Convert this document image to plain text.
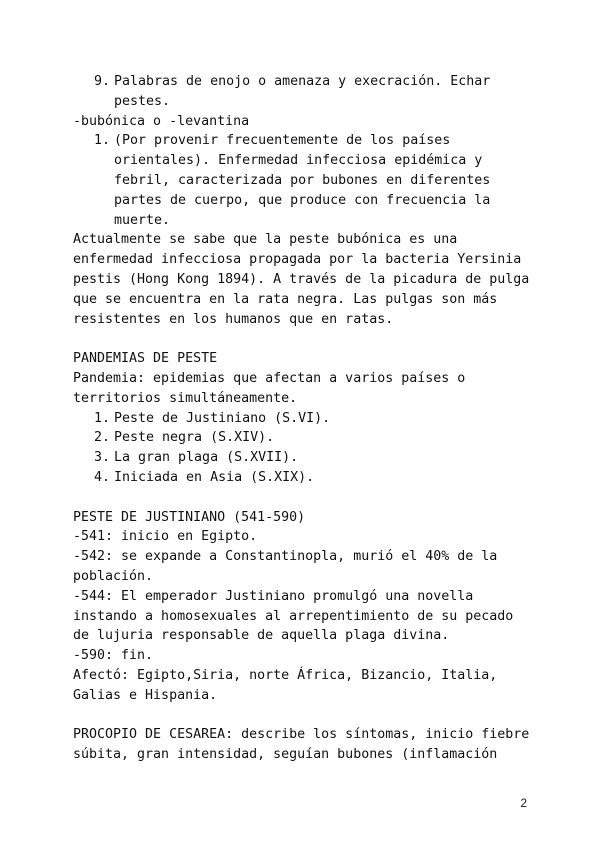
9. Palabras de enojo o amenaza y execración. Echar
pestes.
-bubónica o -levantina
1. (Por provenir frecuentemente de los países
orientales). Enfermedad infecciosa epidémica y
febril, caracterizada por bubones en diferentes
partes de cuerpo, que produce con frecuencia la
muerte.
Actualmente se sabe que la peste bubónica es una
enfermedad infecciosa propagada por la bacteria Yersinia
pestis (Hong Kong 1894). A través de la picadura de pulga
que se encuentra en la rata negra. Las pulgas son más
resistentes en los humanos que en ratas.
PANDEMIAS DE PESTE
Pandemia: epidemias que afectan a varios países o
territorios simultáneamente.
1. Peste de Justiniano (S.VI).
2. Peste negra (S.XIV).
3. La gran plaga (S.XVII).
4. Iniciada en Asia (S.XIX).
PESTE DE JUSTINIANO (541-590)
-541: inicio en Egipto.
-542: se expande a Constantinopla, murió el 40% de la
población.
-544: El emperador Justiniano promulgó una novella
instando a homosexuales al arrepentimiento de su pecado
de lujuria responsable de aquella plaga divina.
-590: fin.
Afectó: Egipto,Siria, norte África, Bizancio, Italia,
Galias e Hispania.
PROCOPIO DE CESAREA: describe los síntomas, inicio fiebre
súbita, gran intensidad, seguían bubones (inflamación
2
